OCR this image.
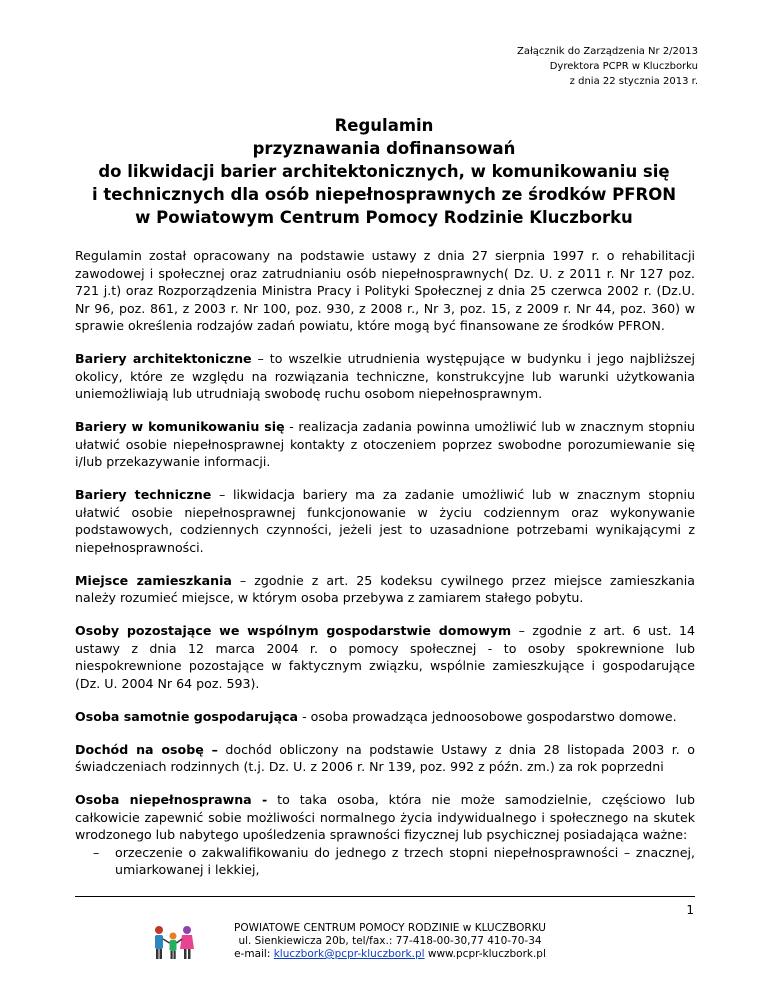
Załącznik do Zarządzenia Nr 2/2013
Dyrektora PCPR w Kluczborku
z dnia 22 stycznia 2013 r.
Regulamin
przyznawania dofinansowań
do likwidacji barier architektonicznych, w komunikowaniu się
i technicznych dla osób niepełnosprawnych ze środków PFRON
w Powiatowym Centrum Pomocy Rodzinie Kluczborku

Regulamin został opracowany na podstawie ustawy z dnia 27 sierpnia 1997 r. o rehabilitacji zawodowej i społecznej oraz zatrudnianiu osób niepełnosprawnych( Dz. U. z 2011 r. Nr 127 poz. 721 j.t) oraz Rozporządzenia Ministra Pracy i Polityki Społecznej z dnia 25 czerwca 2002 r. (Dz.U. Nr 96, poz. 861, z 2003 r. Nr 100, poz. 930, z 2008 r., Nr 3, poz. 15, z 2009 r. Nr 44, poz. 360) w sprawie określenia rodzajów zadań powiatu, które mogą być finansowane ze środków PFRON.

Bariery architektoniczne – to wszelkie utrudnienia występujące w budynku i jego najbliższej okolicy, które ze względu na rozwiązania techniczne, konstrukcyjne lub warunki użytkowania uniemożliwiają lub utrudniają swobodę ruchu osobom niepełnosprawnym.

Bariery w komunikowaniu się - realizacja zadania powinna umożliwić lub w znacznym stopniu ułatwić osobie niepełnosprawnej kontakty z otoczeniem poprzez swobodne porozumiewanie się i/lub przekazywanie informacji.

Bariery techniczne – likwidacja bariery ma za zadanie umożliwić lub w znacznym stopniu ułatwić osobie niepełnosprawnej funkcjonowanie w życiu codziennym oraz wykonywanie podstawowych, codziennych czynności, jeżeli jest to uzasadnione potrzebami wynikającymi z niepełnosprawności.

Miejsce zamieszkania – zgodnie z art. 25 kodeksu cywilnego przez miejsce zamieszkania należy rozumieć miejsce, w którym osoba przebywa z zamiarem stałego pobytu.

Osoby pozostające we wspólnym gospodarstwie domowym – zgodnie z art. 6 ust. 14 ustawy z dnia 12 marca 2004 r. o pomocy społecznej - to osoby spokrewnione lub niespokrewnione pozostające w faktycznym związku, wspólnie zamieszkujące i gospodarujące (Dz. U. 2004 Nr 64 poz. 593).

Osoba samotnie gospodarująca - osoba prowadząca jednoosobowe gospodarstwo domowe.

Dochód na osobę – dochód obliczony na podstawie Ustawy z dnia 28 listopada 2003 r. o świadczeniach rodzinnych (t.j. Dz. U. z 2006 r. Nr 139, poz. 992 z późn. zm.) za rok poprzedni

Osoba niepełnosprawna - to taka osoba, która nie może samodzielnie, częściowo lub całkowicie zapewnić sobie możliwości normalnego życia indywidualnego i społecznego na skutek wrodzonego lub nabytego upośledzenia sprawności fizycznej lub psychicznej posiadająca ważne:

– orzeczenie o zakwalifikowaniu do jednego z trzech stopni niepełnosprawności – znacznej, umiarkowanej i lekkiej,
1
POWIATOWE CENTRUM POMOCY RODZINIE w KLUCZBORKU
ul. Sienkiewicza 20b, tel/fax.: 77-418-00-30,77 410-70-34
e-mail: kluczbork@pcpr-kluczbork.pl www.pcpr-kluczbork.pl
